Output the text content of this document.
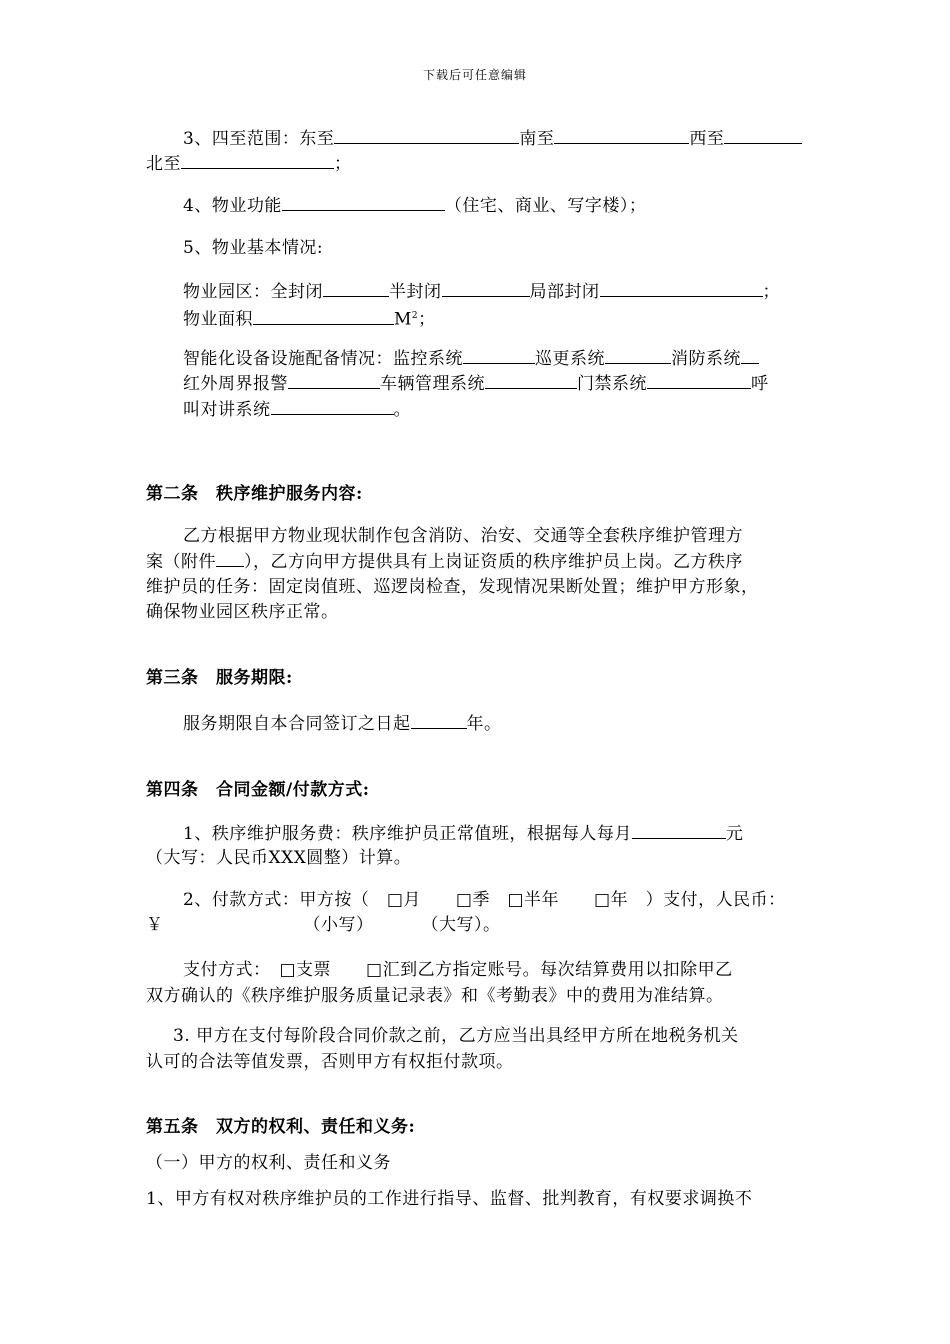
下载后可任意编辑
3、四至范围：东至	南至	西至
北至	；
4、物业功能	（住宅、商业、写字楼）；
5、物业基本情况:
物业园区：全封闭	半封闭	局部封闭	；
物业面积	$M^2$；
智能化设备设施配备情况：监控系统	巡更系统	消防系统
红外周界报警	车辆管理系统	门禁系统	呼
叫对讲系统	。
第二条　秩序维护服务内容:
乙方根据甲方物业现状制作包含消防、治安、交通等全套秩序维护管理方
案（附件 ），乙方向甲方提供具有上岗证资质的秩序维护员上岗。乙方秩序
维护员的任务：固定岗值班、巡逻岗检查，发现情况果断处置；维护甲方形象，
确保物业园区秩序正常。
第三条　服务期限:
服务期限自本合同签订之日起	年。
第四条　合同金额/付款方式:
1、秩序维护服务费：秩序维护员正常值班，根据每人每月	元
（大写：人民币XXX圆整）计算。
2、付款方式：甲方按（　□月　　□季　□半年　　□年　）支付，人民币：
￥	（小写）	（大写）。
支付方式：　□支票　　□汇到乙方指定账号。每次结算费用以扣除甲乙
双方确认的《秩序维护服务质量记录表》和《考勤表》中的费用为准结算。
3. 甲方在支付每阶段合同价款之前，乙方应当出具经甲方所在地税务机关
认可的合法等值发票，否则甲方有权拒付款项。
第五条　双方的权利、责任和义务:
（一）甲方的权利、责任和义务
1、甲方有权对秩序维护员的工作进行指导、监督、批判教育，有权要求调换不
